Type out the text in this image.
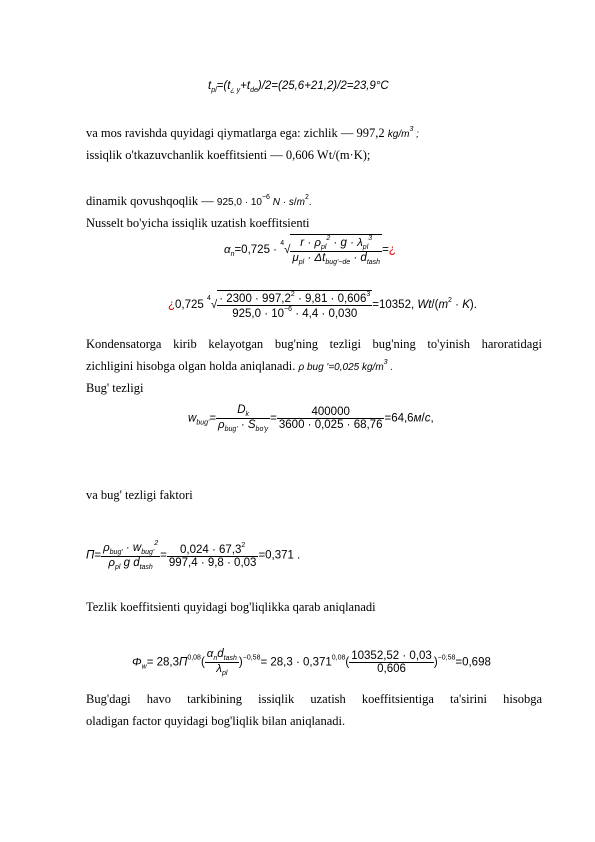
$t_{pl}=(t_{¿ y}+t_{de})/2=(25,6+21,2)/2=23,9^\circ C$
va mos ravishda quyidagi qiymatlarga ega: zichlik — 997,2 $kg/m^3$ ;
issiqlik o'tkazuvchanlik koeffitsienti — 0,606 Wt/(m·K);
dinamik qovushqoqlik — $925,0 \cdot 10^{-6}$ $N \cdot s/m^2$.
Nusselt bo'yicha issiqlik uzatish koeffitsienti
$\alpha_n=0,725 \cdot ^4√ \frac{r \cdot \rho_{pl}^2 \cdot g \cdot \lambda_{pl}^3}{\mu_{pl} \cdot \Delta t_{bug'-de} \cdot d_{tash}}$ =¿
¿0,725 $^4√ \frac{\cdot 2300 \cdot 997,2^2 \cdot 9,81 \cdot 0,606^3}{925,0 \cdot 10^{-6} \cdot 4,4 \cdot 0,030} =10352$, $Wt/(m^2 \cdot K)$.
Kondensatorga kirib kelayotgan bug'ning tezligi bug'ning to'yinish haroratidagi
zichligini hisobga olgan holda aniqlanadi. ρ bug '=0,025 $kg/m^3$ .
Bug' tezligi
$w_{bug'}= \frac{D_k}{\rho_{bug'} \cdot S_{bo'y}} = \frac{400000}{3600 \cdot 0,025 \cdot 68,76} =64,6м/с$,
va bug' tezligi faktori
$П= \frac{\rho_{bug'} \cdot w_{bug'}^2}{\rho_{pl} g d_{tash}} = \frac{0,024 \cdot 67,3^2}{997,4 \cdot 9,8 \cdot 0,03} =0,371$ .
Tezlik koeffitsienti quyidagi bog'liqlikka qarab aniqlanadi
$\Phi_w= 28,3П^{0,08}( \frac{\alpha_nd_{tash}}{\lambda_{pl}} )^{-0,58}= 28,3 \cdot 0,371^{0,08}( \frac{10352,52 \cdot 0,03}{0,606} )^{-0,58}=0,698$
Bug'dagi havo tarkibining issiqlik uzatish koeffitsientiga ta'sirini hisobga
oladigan factor quyidagi bog'liqlik bilan aniqlanadi.
